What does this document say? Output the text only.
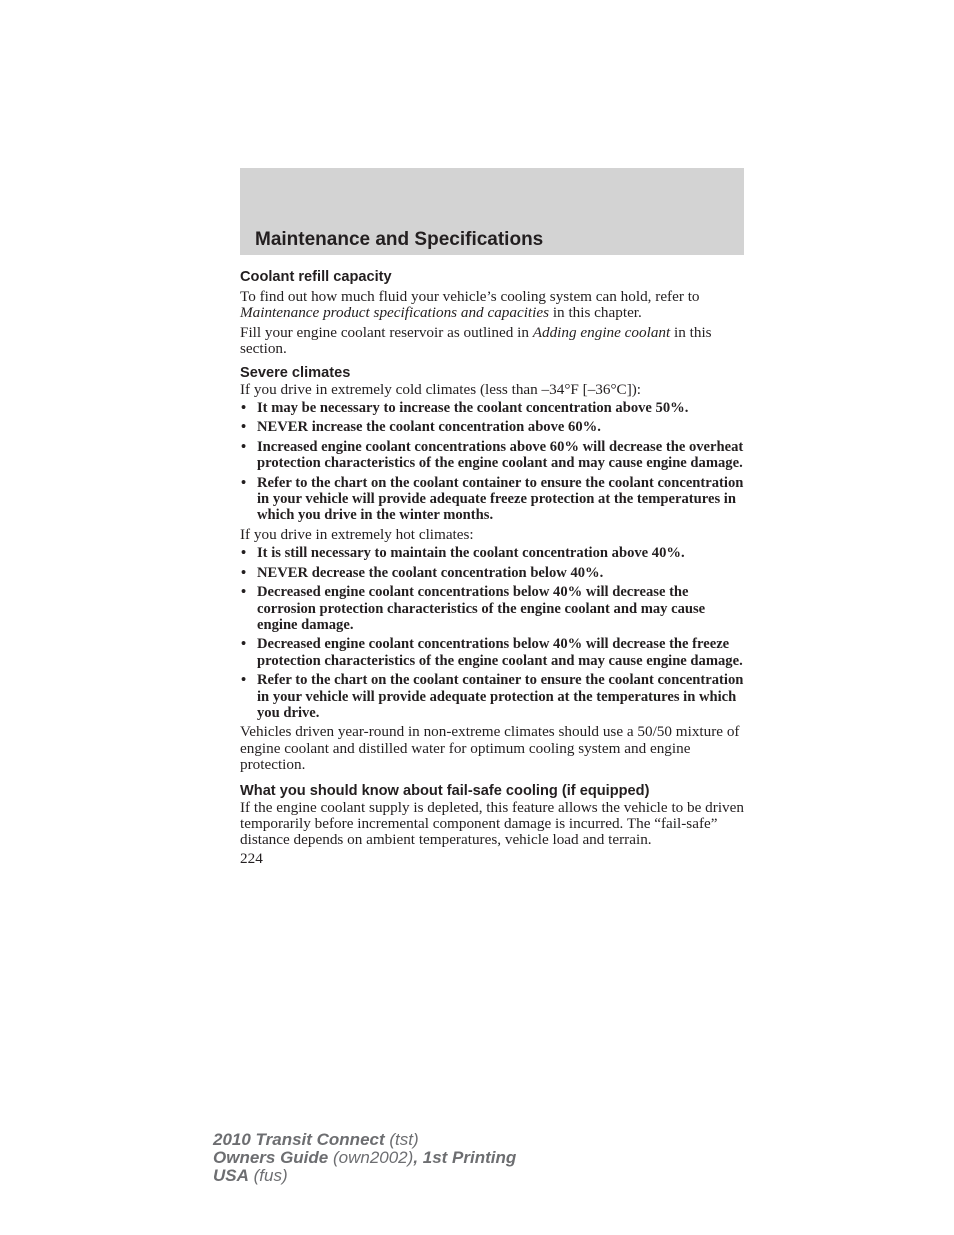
Maintenance and Specifications
Coolant refill capacity

To find out how much fluid your vehicle’s cooling system can hold, refer to Maintenance product specifications and capacities in this chapter.

Fill your engine coolant reservoir as outlined in Adding engine coolant in this section.

Severe climates

If you drive in extremely cold climates (less than –34°F [–36°C]):

• It may be necessary to increase the coolant concentration above 50%.
• NEVER increase the coolant concentration above 60%.
• Increased engine coolant concentrations above 60% will decrease the overheat protection characteristics of the engine coolant and may cause engine damage.
• Refer to the chart on the coolant container to ensure the coolant concentration in your vehicle will provide adequate freeze protection at the temperatures in which you drive in the winter months.

If you drive in extremely hot climates:

• It is still necessary to maintain the coolant concentration above 40%.
• NEVER decrease the coolant concentration below 40%.
• Decreased engine coolant concentrations below 40% will decrease the corrosion protection characteristics of the engine coolant and may cause engine damage.
• Decreased engine coolant concentrations below 40% will decrease the freeze protection characteristics of the engine coolant and may cause engine damage.
• Refer to the chart on the coolant container to ensure the coolant concentration in your vehicle will provide adequate protection at the temperatures in which you drive.

Vehicles driven year-round in non-extreme climates should use a 50/50 mixture of engine coolant and distilled water for optimum cooling system and engine protection.

What you should know about fail-safe cooling (if equipped)

If the engine coolant supply is depleted, this feature allows the vehicle to be driven temporarily before incremental component damage is incurred. The “fail-safe” distance depends on ambient temperatures, vehicle load and terrain.

224

2010 Transit Connect (tst)
Owners Guide (own2002), 1st Printing
USA (fus)
